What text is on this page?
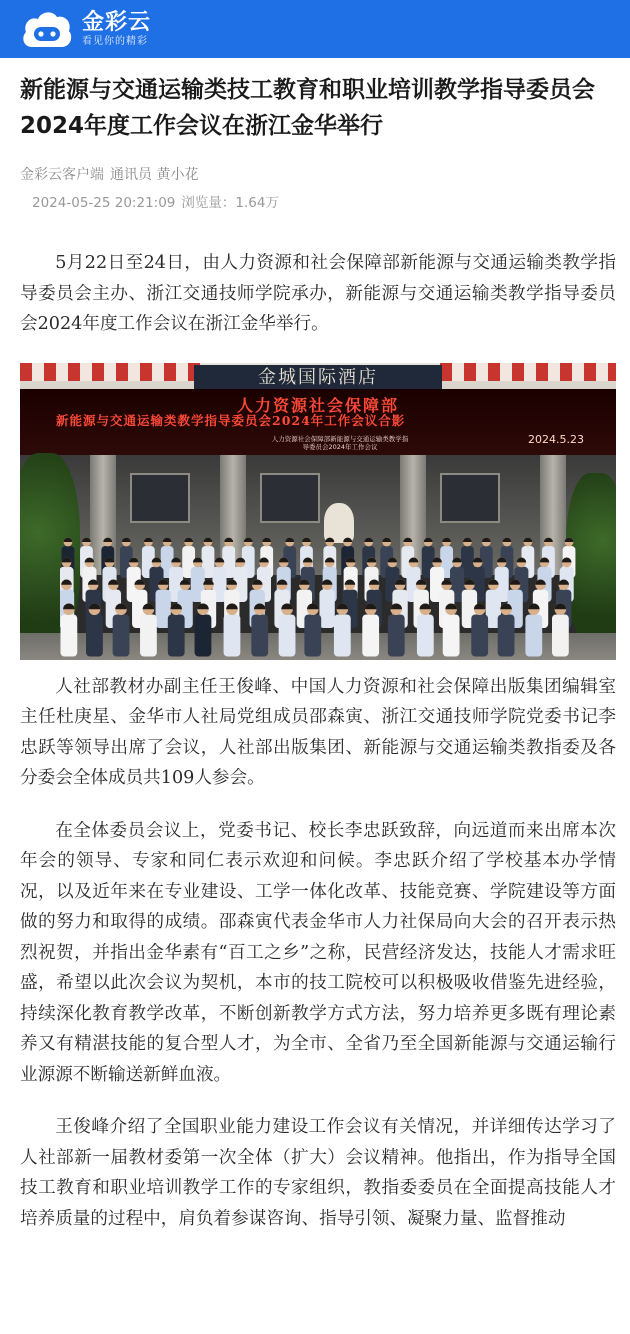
金彩云
看见你的精彩
新能源与交通运输类技工教育和职业培训教学指导委员会2024年度工作会议在浙江金华举行
金彩云客户端 通讯员 黄小花
2024-05-25 20:21:09 浏览量：1.64万

5月22日至24日，由人力资源和社会保障部新能源与交通运输类教学指导委员会主办、浙江交通技师学院承办，新能源与交通运输类教学指导委员会2024年度工作会议在浙江金华举行。

金城国际酒店
人力资源社会保障部
新能源与交通运输类教学指导委员会2024年工作会议合影
2024.5.23
人力资源社会保障部新能源与交通运输类教学指导委员会2024年工作会议

人社部教材办副主任王俊峰、中国人力资源和社会保障出版集团编辑室主任杜庚星、金华市人社局党组成员邵森寅、浙江交通技师学院党委书记李忠跃等领导出席了会议，人社部出版集团、新能源与交通运输类教指委及各分委会全体成员共109人参会。

在全体委员会议上，党委书记、校长李忠跃致辞，向远道而来出席本次年会的领导、专家和同仁表示欢迎和问候。李忠跃介绍了学校基本办学情况，以及近年来在专业建设、工学一体化改革、技能竞赛、学院建设等方面做的努力和取得的成绩。邵森寅代表金华市人力社保局向大会的召开表示热烈祝贺，并指出金华素有“百工之乡”之称，民营经济发达，技能人才需求旺盛，希望以此次会议为契机，本市的技工院校可以积极吸收借鉴先进经验，持续深化教育教学改革，不断创新教学方式方法，努力培养更多既有理论素养又有精湛技能的复合型人才，为全市、全省乃至全国新能源与交通运输行业源源不断输送新鲜血液。

王俊峰介绍了全国职业能力建设工作会议有关情况，并详细传达学习了人社部新一届教材委第一次全体（扩大）会议精神。他指出，作为指导全国技工教育和职业培训教学工作的专家组织，教指委委员在全面提高技能人才培养质量的过程中，肩负着参谋咨询、指导引领、凝聚力量、监督推动
